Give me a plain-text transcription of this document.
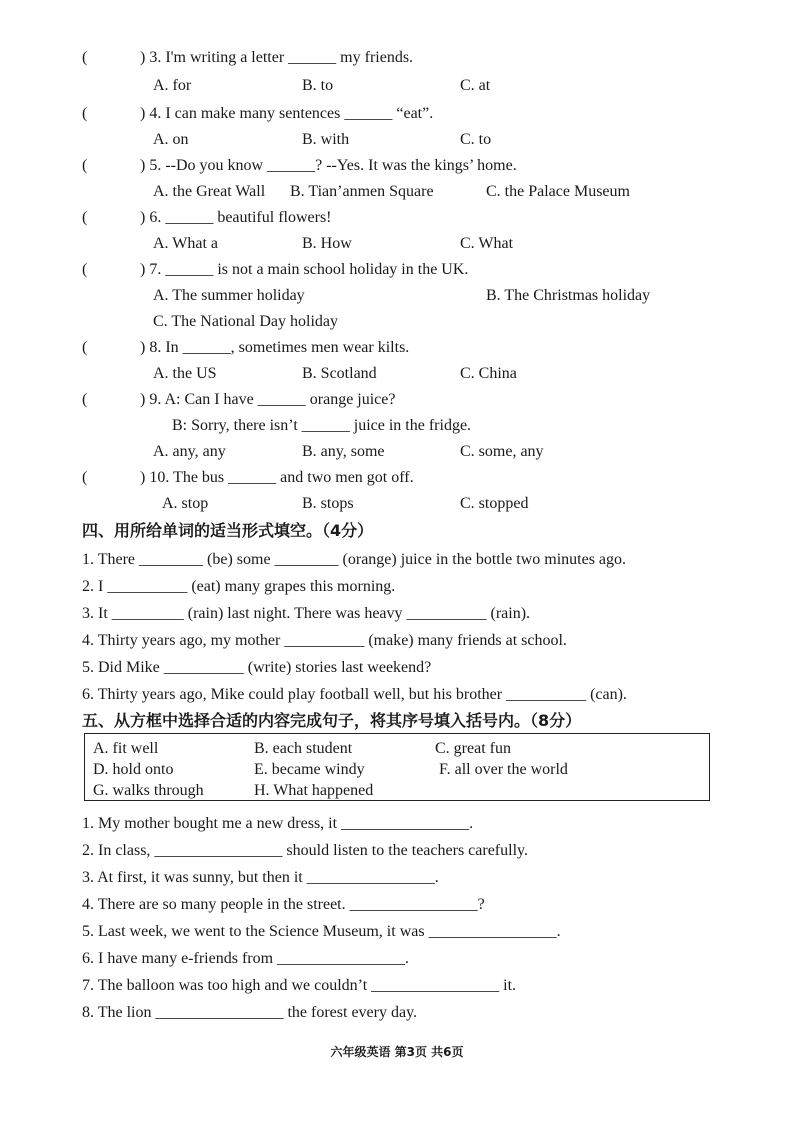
(	) 3. I'm writing a letter ______ my friends.
A. for	B. to	C. at
(	) 4. I can make many sentences ______ “eat”.
A. on	B. with	C. to
(	) 5. --Do you know ______? --Yes. It was the kings’ home.
A. the Great Wall B. Tian’anmen Square	C. the Palace Museum
(	) 6. ______ beautiful flowers!
A. What a	B. How	C. What
(	) 7. ______ is not a main school holiday in the UK.
A. The summer holiday	B. The Christmas holiday
C. The National Day holiday
(	) 8. In ______, sometimes men wear kilts.
A. the US	B. Scotland	C. China
(	) 9. A: Can I have ______ orange juice?
B: Sorry, there isn’t ______ juice in the fridge.
A. any, any	B. any, some	C. some, any
(	) 10. The bus ______ and two men got off.
A. stop	B. stops	C. stopped
四、用所给单词的适当形式填空。（4分）
1. There ________ (be) some ________ (orange) juice in the bottle two minutes ago.
2. I __________ (eat) many grapes this morning.
3. It _________ (rain) last night. There was heavy __________ (rain).
4. Thirty years ago, my mother __________ (make) many friends at school.
5. Did Mike __________ (write) stories last weekend?
6. Thirty years ago, Mike could play football well, but his brother __________ (can).
五、从方框中选择合适的内容完成句子，将其序号填入括号内。（8分）
A. fit well	B. each student	C. great fun
D. hold onto	E. became windy	F. all over the world
G. walks through	H. What happened
1. My mother bought me a new dress, it ________________.
2. In class, ________________ should listen to the teachers carefully.
3. At first, it was sunny, but then it ________________.
4. There are so many people in the street. ________________?
5. Last week, we went to the Science Museum, it was ________________.
6. I have many e-friends from ________________.
7. The balloon was too high and we couldn’t ________________ it.
8. The lion ________________ the forest every day.
六年级英语 第3页 共6页
